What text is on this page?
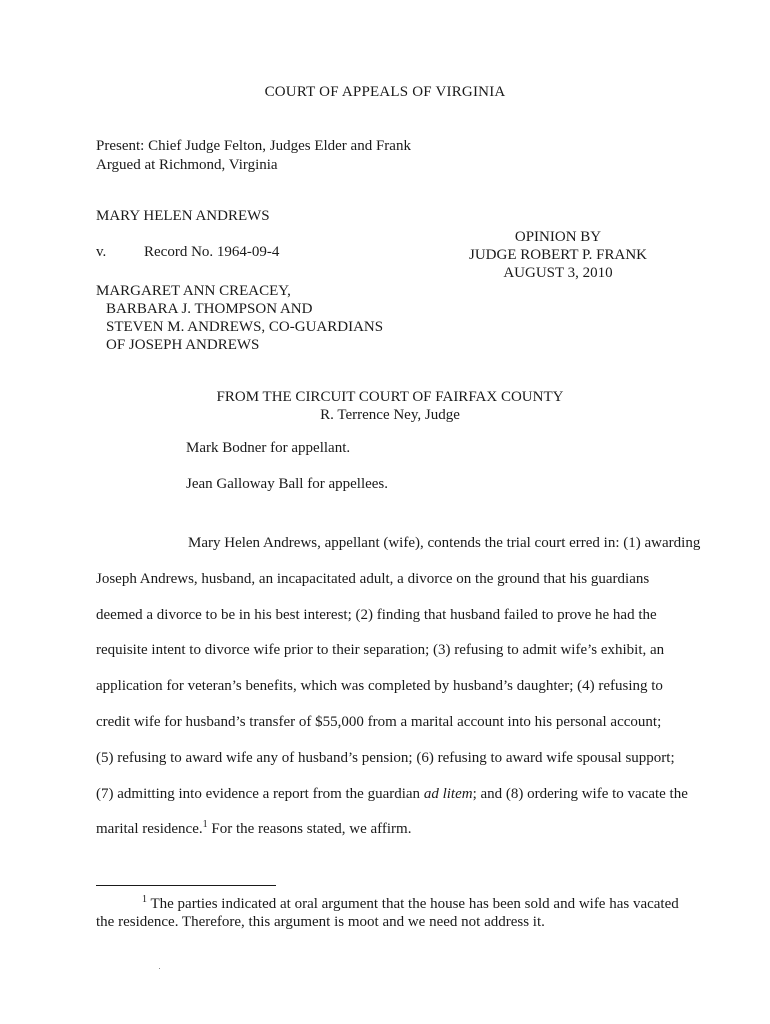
COURT OF APPEALS OF VIRGINIA
Present: Chief Judge Felton, Judges Elder and Frank
Argued at Richmond, Virginia
MARY HELEN ANDREWS
v.	Record No. 1964-09-4
OPINION BY
JUDGE ROBERT P. FRANK
AUGUST 3, 2010
MARGARET ANN CREACEY,
BARBARA J. THOMPSON AND
STEVEN M. ANDREWS, CO-GUARDIANS
OF JOSEPH ANDREWS
FROM THE CIRCUIT COURT OF FAIRFAX COUNTY
R. Terrence Ney, Judge
Mark Bodner for appellant.
Jean Galloway Ball for appellees.
Mary Helen Andrews, appellant (wife), contends the trial court erred in: (1) awarding
Joseph Andrews, husband, an incapacitated adult, a divorce on the ground that his guardians
deemed a divorce to be in his best interest; (2) finding that husband failed to prove he had the
requisite intent to divorce wife prior to their separation; (3) refusing to admit wife’s exhibit, an
application for veteran’s benefits, which was completed by husband’s daughter; (4) refusing to
credit wife for husband’s transfer of $55,000 from a marital account into his personal account;
(5) refusing to award wife any of husband’s pension; (6) refusing to award wife spousal support;
(7) admitting into evidence a report from the guardian ad litem; and (8) ordering wife to vacate the
marital residence.$^1$ For the reasons stated, we affirm.
$^1$ The parties indicated at oral argument that the house has been sold and wife has vacated
the residence. Therefore, this argument is moot and we need not address it.
